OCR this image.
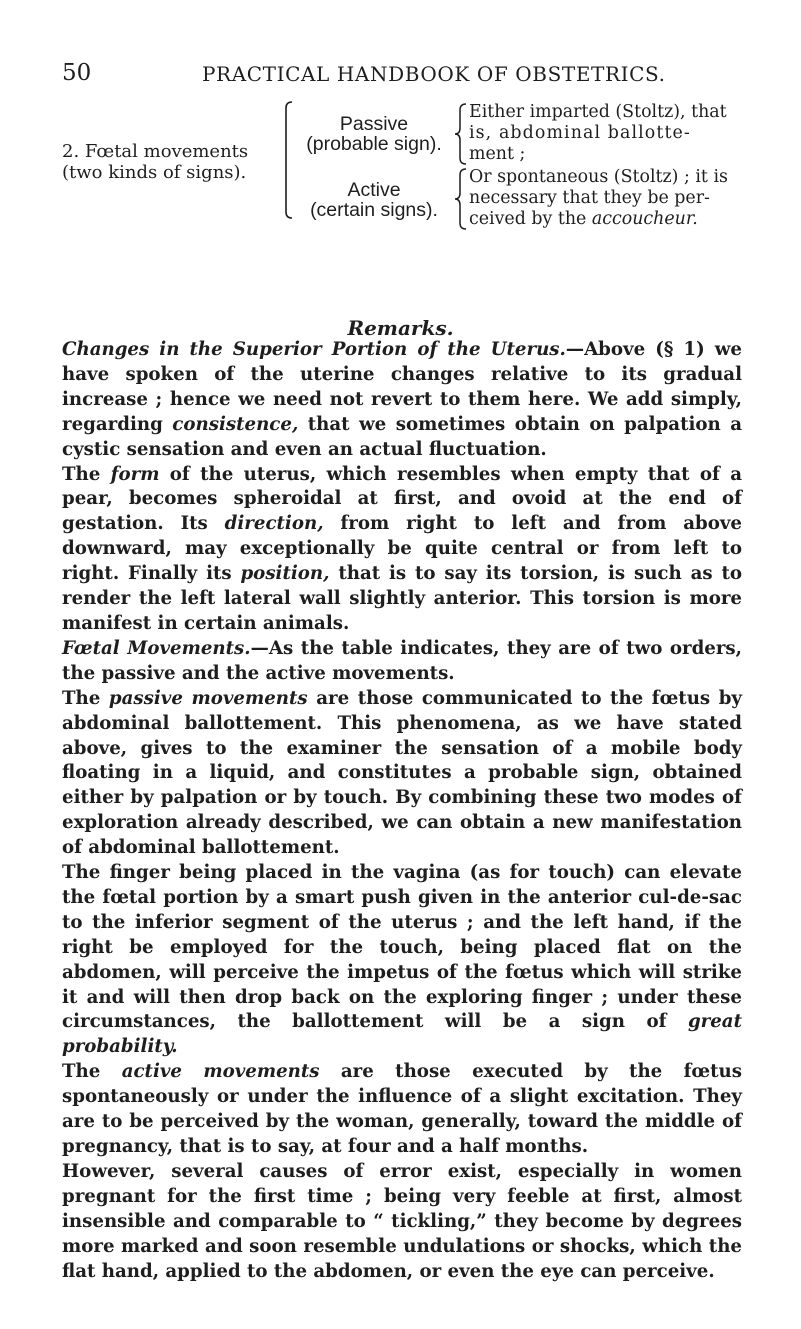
50	PRACTICAL HANDBOOK OF OBSTETRICS.
2. Fœtal movements
(two kinds of signs).
Passive
(probable sign).
Active
(certain signs).
Either imparted (Stoltz), that
is, abdominal ballotte-
ment ;
Or spontaneous (Stoltz) ; it is
necessary that they be per-
ceived by the accoucheur.
Remarks.

Changes in the Superior Portion of the Uterus.—Above (§ 1) we have spoken of the uterine changes relative to its gradual increase ; hence we need not revert to them here. We add simply, regarding consistence, that we sometimes obtain on palpation a cystic sensation and even an actual fluctuation.

The form of the uterus, which resembles when empty that of a pear, becomes spheroidal at first, and ovoid at the end of gestation. Its direction, from right to left and from above downward, may exceptionally be quite central or from left to right. Finally its position, that is to say its torsion, is such as to render the left lateral wall slightly anterior. This torsion is more manifest in certain animals.

Fœtal Movements.—As the table indicates, they are of two orders, the passive and the active movements.

The passive movements are those communicated to the fœtus by abdominal ballottement. This phenomena, as we have stated above, gives to the examiner the sensation of a mobile body floating in a liquid, and constitutes a probable sign, obtained either by palpation or by touch. By combining these two modes of exploration already described, we can obtain a new manifestation of abdominal ballottement.

The finger being placed in the vagina (as for touch) can elevate the fœtal portion by a smart push given in the anterior cul-de-sac to the inferior segment of the uterus ; and the left hand, if the right be employed for the touch, being placed flat on the abdomen, will perceive the impetus of the fœtus which will strike it and will then drop back on the exploring finger ; under these circumstances, the ballottement will be a sign of great probability.

The active movements are those executed by the fœtus spontaneously or under the influence of a slight excitation. They are to be perceived by the woman, generally, toward the middle of pregnancy, that is to say, at four and a half months.

However, several causes of error exist, especially in women pregnant for the first time ; being very feeble at first, almost insensible and comparable to “ tickling,” they become by degrees more marked and soon resemble undulations or shocks, which the flat hand, applied to the abdomen, or even the eye can perceive.
